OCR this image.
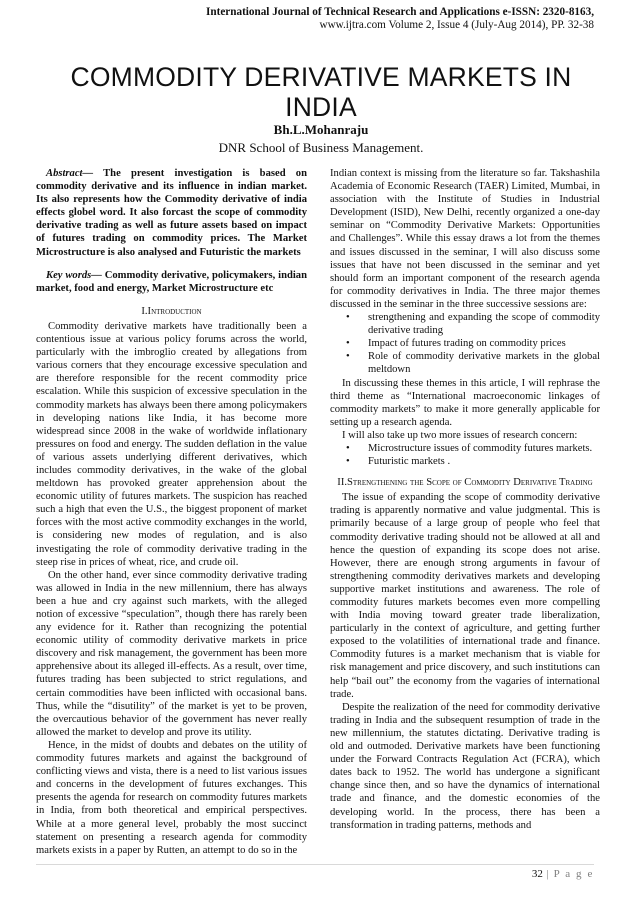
International Journal of Technical Research and Applications e-ISSN: 2320-8163,
www.ijtra.com Volume 2, Issue 4 (July-Aug 2014), PP. 32-38
COMMODITY DERIVATIVE MARKETS IN INDIA
Bh.L.Mohanraju
DNR School of Business Management.

Abstract— The present investigation is based on commodity derivative and its influence in indian market. Its also represents how the Commodity derivative of india effects globel word. It also forcast the scope of commodity derivative trading as well as future assets based on impact of futures trading on commodity prices. The Market Microstructure is also analysed and Futuristic the markets

Key words— Commodity derivative, policymakers, indian market, food and energy, Market Microstructure etc

I.Introduction

Commodity derivative markets have traditionally been a contentious issue at various policy forums across the world, particularly with the imbroglio created by allegations from various corners that they encourage excessive speculation and are therefore responsible for the recent commodity price escalation. While this suspicion of excessive speculation in the commodity markets has always been there among policymakers in developing nations like India, it has become more widespread since 2008 in the wake of worldwide inflationary pressures on food and energy. The sudden deflation in the value of various assets underlying different derivatives, which includes commodity derivatives, in the wake of the global meltdown has provoked greater apprehension about the economic utility of futures markets. The suspicion has reached such a high that even the U.S., the biggest proponent of market forces with the most active commodity exchanges in the world, is considering new modes of regulation, and is also investigating the role of commodity derivative trading in the steep rise in prices of wheat, rice, and crude oil.

On the other hand, ever since commodity derivative trading was allowed in India in the new millennium, there has always been a hue and cry against such markets, with the alleged notion of excessive “speculation”, though there has rarely been any evidence for it. Rather than recognizing the potential economic utility of commodity derivative markets in price discovery and risk management, the government has been more apprehensive about its alleged ill-effects. As a result, over time, futures trading has been subjected to strict regulations, and certain commodities have been inflicted with occasional bans. Thus, while the “disutility” of the market is yet to be proven, the overcautious behavior of the government has never really allowed the market to develop and prove its utility.

Hence, in the midst of doubts and debates on the utility of commodity futures markets and against the background of conflicting views and vista, there is a need to list various issues and concerns in the development of futures exchanges. This presents the agenda for research on commodity futures markets in India, from both theoretical and empirical perspectives. While at a more general level, probably the most succinct statement on presenting a research agenda for commodity markets exists in a paper by Rutten, an attempt to do so in the

Indian context is missing from the literature so far. Takshashila Academia of Economic Research (TAER) Limited, Mumbai, in association with the Institute of Studies in Industrial Development (ISID), New Delhi, recently organized a one-day seminar on “Commodity Derivative Markets: Opportunities and Challenges”. While this essay draws a lot from the themes and issues discussed in the seminar, I will also discuss some issues that have not been discussed in the seminar and yet should form an important component of the research agenda for commodity derivatives in India. The three major themes discussed in the seminar in the three successive sessions are:

• strengthening and expanding the scope of commodity derivative trading
• Impact of futures trading on commodity prices
• Role of commodity derivative markets in the global meltdown

In discussing these themes in this article, I will rephrase the third theme as “International macroeconomic linkages of commodity markets” to make it more generally applicable for setting up a research agenda.

I will also take up two more issues of research concern:

• Microstructure issues of commodity futures markets.
• Futuristic markets .

II.Strengthening the Scope of Commodity Derivative Trading

The issue of expanding the scope of commodity derivative trading is apparently normative and value judgmental. This is primarily because of a large group of people who feel that commodity derivative trading should not be allowed at all and hence the question of expanding its scope does not arise. However, there are enough strong arguments in favour of strengthening commodity derivatives markets and developing supportive market institutions and awareness. The role of commodity futures markets becomes even more compelling with India moving toward greater trade liberalization, particularly in the context of agriculture, and getting further exposed to the volatilities of international trade and finance. Commodity futures is a market mechanism that is viable for risk management and price discovery, and such institutions can help “bail out” the economy from the vagaries of international trade.

Despite the realization of the need for commodity derivative trading in India and the subsequent resumption of trade in the new millennium, the statutes dictating. Derivative trading is old and outmoded. Derivative markets have been functioning under the Forward Contracts Regulation Act (FCRA), which dates back to 1952. The world has undergone a significant change since then, and so have the dynamics of international trade and finance, and the domestic economies of the developing world. In the process, there has been a transformation in trading patterns, methods and

32 | P a g e
